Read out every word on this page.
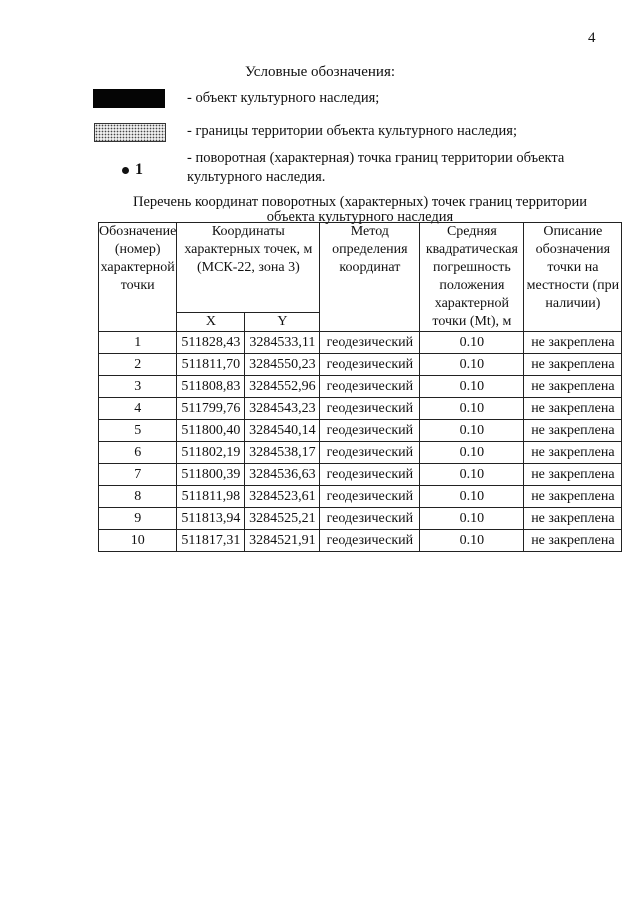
4
Условные обозначения:
- объект культурного наследия;
- границы территории объекта культурного наследия;
1
- поворотная (характерная) точка границ территории объекта культурного наследия.
Перечень координат поворотных (характерных) точек границ территории объекта культурного наследия
Обозначение (номер) характерной точки	Координаты характерных точек, м (МСК-22, зона 3)		Метод определения координат	Средняя квадратическая погрешность положения характерной точки (Mt), м	Описание обозначения точки на местности (при наличии)
	X	Y			
1	511828,43	3284533,11	геодезический	0.10	не закреплена
2	511811,70	3284550,23	геодезический	0.10	не закреплена
3	511808,83	3284552,96	геодезический	0.10	не закреплена
4	511799,76	3284543,23	геодезический	0.10	не закреплена
5	511800,40	3284540,14	геодезический	0.10	не закреплена
6	511802,19	3284538,17	геодезический	0.10	не закреплена
7	511800,39	3284536,63	геодезический	0.10	не закреплена
8	511811,98	3284523,61	геодезический	0.10	не закреплена
9	511813,94	3284525,21	геодезический	0.10	не закреплена
10	511817,31	3284521,91	геодезический	0.10	не закреплена
